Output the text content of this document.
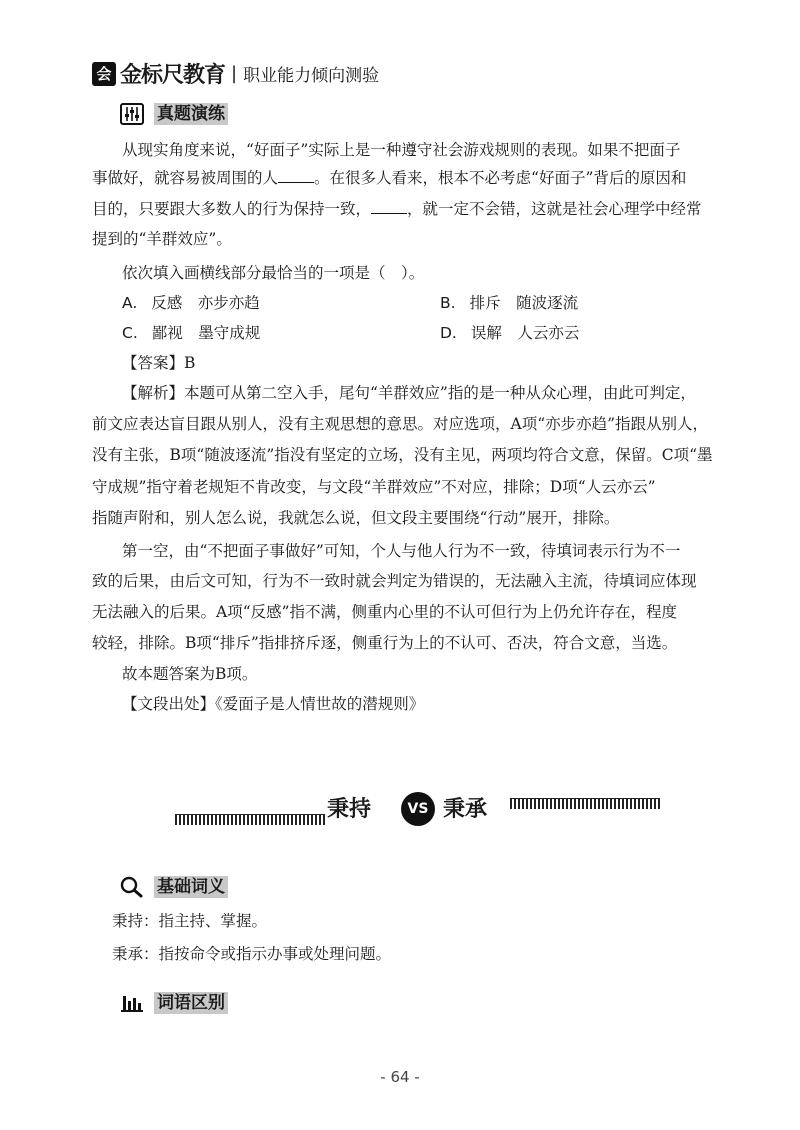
会 金标尺教育 | 职业能力倾向测验
真题演练
从现实角度来说，“好面子”实际上是一种遵守社会游戏规则的表现。如果不把面子
事做好，就容易被周围的人 。在很多人看来，根本不必考虑“好面子”背后的原因和
目的，只要跟大多数人的行为保持一致， ，就一定不会错，这就是社会心理学中经常
提到的“羊群效应”。
依次填入画横线部分最恰当的一项是（　）。
A. 反感　亦步亦趋	B. 排斥　随波逐流
C. 鄙视　墨守成规	D. 误解　人云亦云
【答案】B
【解析】本题可从第二空入手，尾句“羊群效应”指的是一种从众心理，由此可判定，
前文应表达盲目跟从别人，没有主观思想的意思。对应选项，A项“亦步亦趋”指跟从别人，
没有主张，B项“随波逐流”指没有坚定的立场，没有主见，两项均符合文意，保留。C项“墨
守成规”指守着老规矩不肯改变，与文段“羊群效应”不对应，排除；D项“人云亦云”
指随声附和，别人怎么说，我就怎么说，但文段主要围绕“行动”展开，排除。
第一空，由“不把面子事做好”可知，个人与他人行为不一致，待填词表示行为不一
致的后果，由后文可知，行为不一致时就会判定为错误的，无法融入主流，待填词应体现
无法融入的后果。A项“反感”指不满，侧重内心里的不认可但行为上仍允许存在，程度
较轻，排除。B项“排斥”指排挤斥逐，侧重行为上的不认可、否决，符合文意，当选。
故本题答案为B项。
【文段出处】《爱面子是人情世故的潜规则》
秉持	VS 秉承
基础词义
秉持：指主持、掌握。
秉承：指按命令或指示办事或处理问题。
词语区别
- 64 -
